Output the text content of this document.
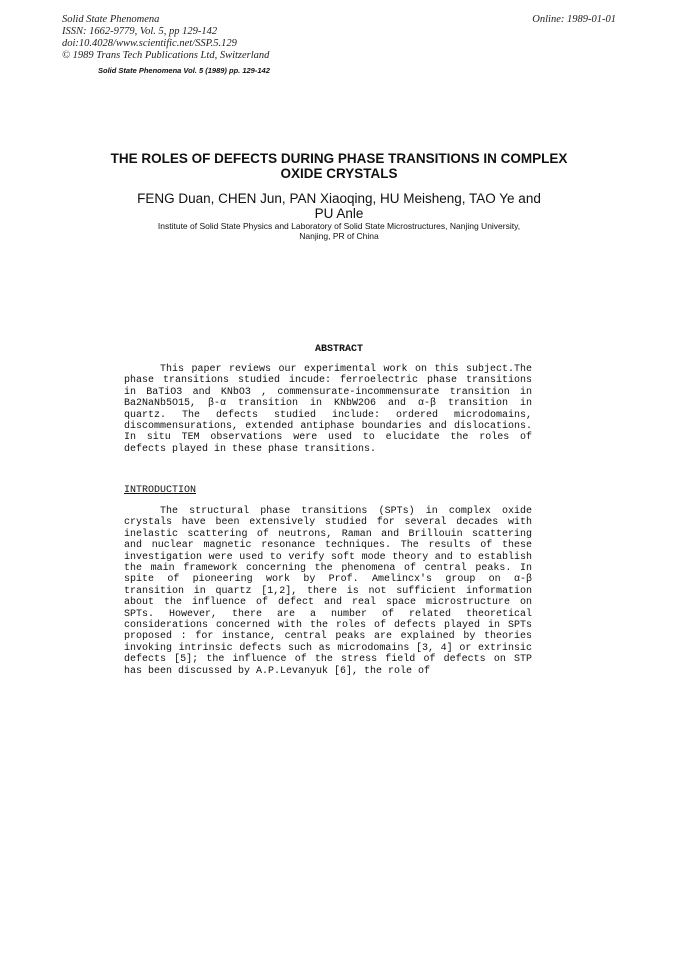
Solid State Phenomena
ISSN: 1662-9779, Vol. 5, pp 129-142
doi:10.4028/www.scientific.net/SSP.5.129
© 1989 Trans Tech Publications Ltd, Switzerland
Online: 1989-01-01
Solid State Phenomena Vol. 5 (1989) pp. 129-142
THE ROLES OF DEFECTS DURING PHASE TRANSITIONS IN COMPLEX OXIDE CRYSTALS
FENG Duan, CHEN Jun, PAN Xiaoqing, HU Meisheng, TAO Ye and PU Anle
Institute of Solid State Physics and Laboratory of Solid State Microstructures, Nanjing University, Nanjing, PR of China
ABSTRACT
This paper reviews our experimental work on this subject.The phase transitions studied incude: ferroelectric phase transitions in BaTiO3 and KNbO3 , commensurate-incommensurate transition in Ba2NaNb5O15, β-α transition in KNbW2O6 and α-β transition in quartz. The defects studied include: ordered microdomains, discommensurations, extended antiphase boundaries and dislocations. In situ TEM observations were used to elucidate the roles of defects played in these phase transitions.
INTRODUCTION
The structural phase transitions (SPTs) in complex oxide crystals have been extensively studied for several decades with inelastic scattering of neutrons, Raman and Brillouin scattering and nuclear magnetic resonance techniques. The results of these investigation were used to verify soft mode theory and to establish the main framework concerning the phenomena of central peaks. In spite of pioneering work by Prof. Amelincx's group on α-β transition in quartz [1,2], there is not sufficient information about the influence of defect and real space microstructure on SPTs. However, there are a number of related theoretical considerations concerned with the roles of defects played in SPTs proposed : for instance, central peaks are explained by theories invoking intrinsic defects such as microdomains [3, 4] or extrinsic defects [5]; the influence of the stress field of defects on STP has been discussed by A.P.Levanyuk [6], the role of
